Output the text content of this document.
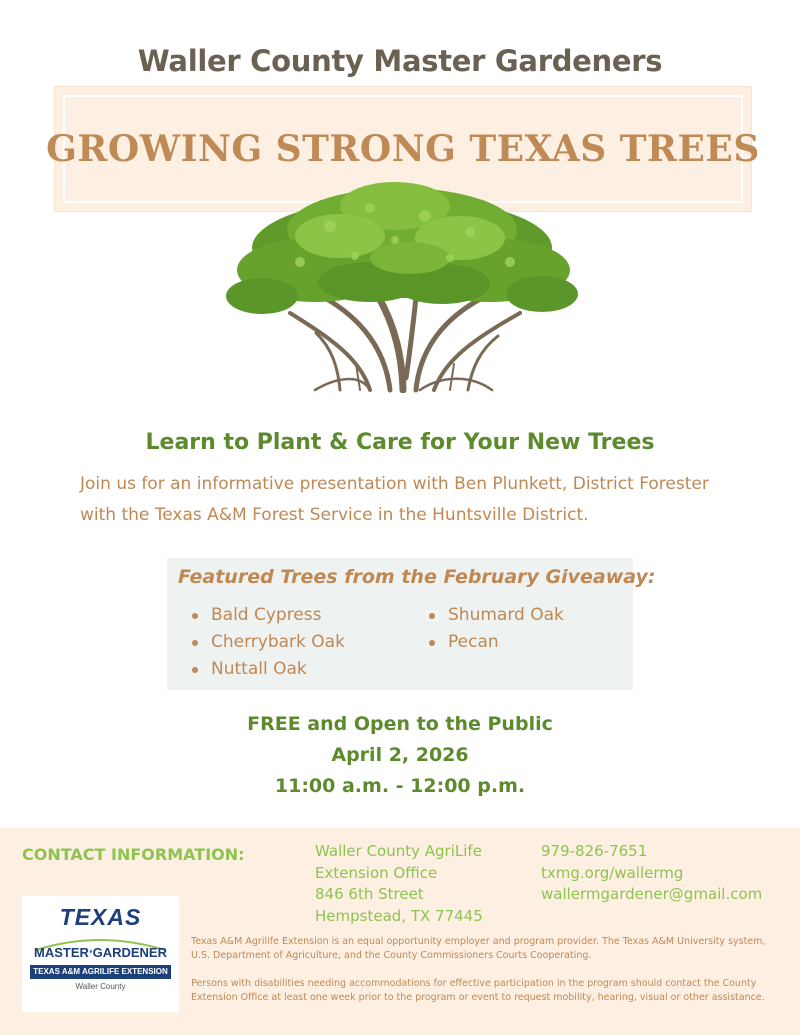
Waller County Master Gardeners
GROWING STRONG TEXAS TREES
Learn to Plant & Care for Your New Trees

Join us for an informative presentation with Ben Plunkett, District Forester with the Texas A&M Forest Service in the Huntsville District.

Featured Trees from the February Giveaway:
Bald Cypress
Cherrybark Oak
Nuttall Oak
Shumard Oak
Pecan
FREE and Open to the Public
April 2, 2026
11:00 a.m. - 12:00 p.m.
CONTACT INFORMATION:	Waller County AgriLife
Extension Office
846 6th Street
Hempstead, TX 77445
979-826-7651
txmg.org/wallermg
wallermgardener@gmail.com
TEXAS
MASTER GARDENER
TEXAS A&M AGRILIFE EXTENSION
Waller County

Texas A&M Agrilife Extension is an equal opportunity employer and program provider. The Texas A&M University system, U.S. Department of Agriculture, and the County Commissioners Courts Cooperating.

Persons with disabilities needing accommodations for effective participation in the program should contact the County Extension Office at least one week prior to the program or event to request mobility, hearing, visual or other assistance.
